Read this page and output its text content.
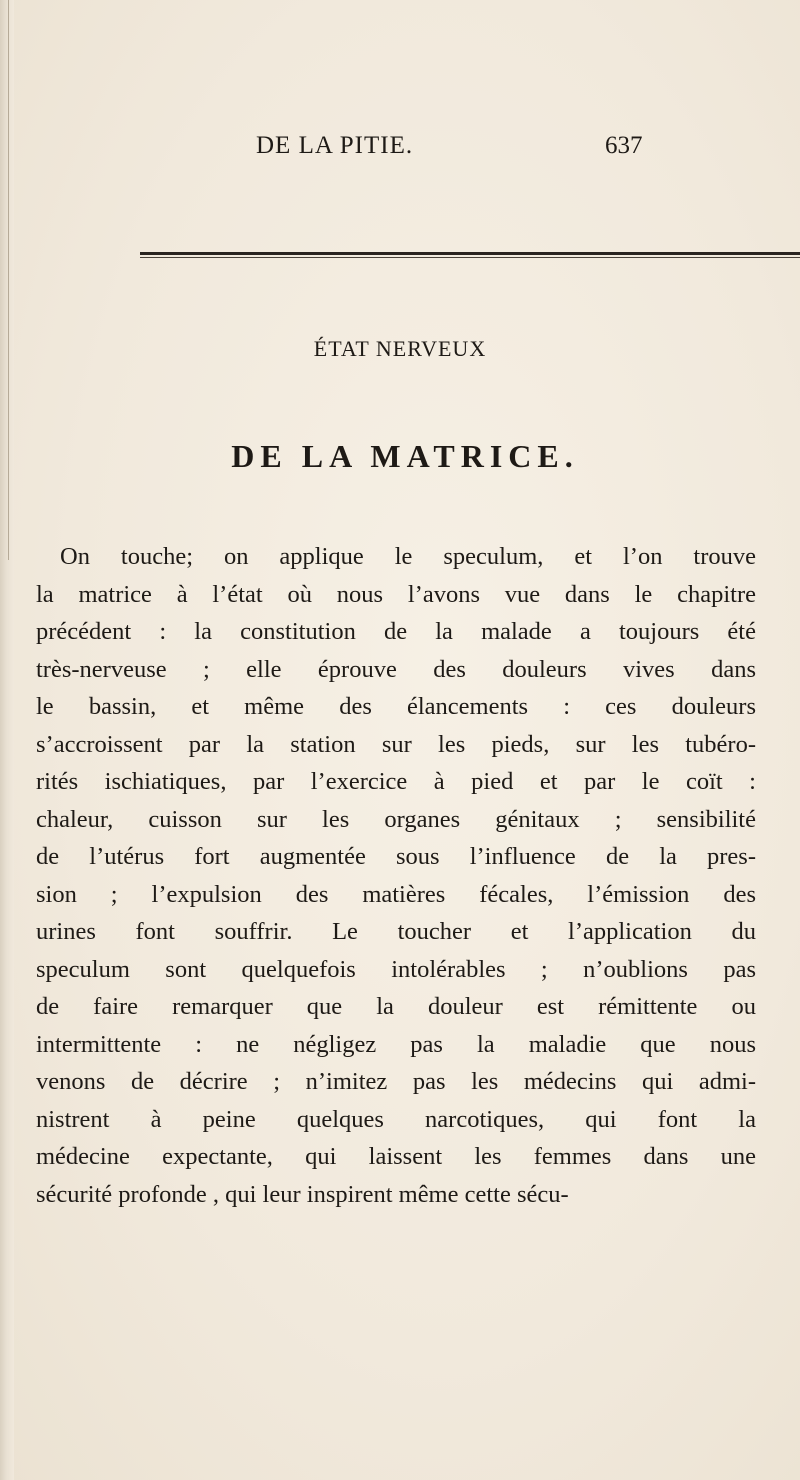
DE LA PITIE.	637
ÉTAT NERVEUX
DE LA MATRICE.
On touche; on applique le speculum, et l’on trouve
la matrice à l’état où nous l’avons vue dans le chapitre
précédent : la constitution de la malade a toujours été
très-nerveuse ; elle éprouve des douleurs vives dans
le bassin, et même des élancements : ces douleurs
s’accroissent par la station sur les pieds, sur les tubéro-
rités ischiatiques, par l’exercice à pied et par le coït :
chaleur, cuisson sur les organes génitaux ; sensibilité
de l’utérus fort augmentée sous l’influence de la pres-
sion ; l’expulsion des matières fécales, l’émission des
urines font souffrir. Le toucher et l’application du
speculum sont quelquefois intolérables ; n’oublions pas
de faire remarquer que la douleur est rémittente ou
intermittente : ne négligez pas la maladie que nous
venons de décrire ; n’imitez pas les médecins qui admi-
nistrent à peine quelques narcotiques, qui font la
médecine expectante, qui laissent les femmes dans une
sécurité profonde , qui leur inspirent même cette sécu-
